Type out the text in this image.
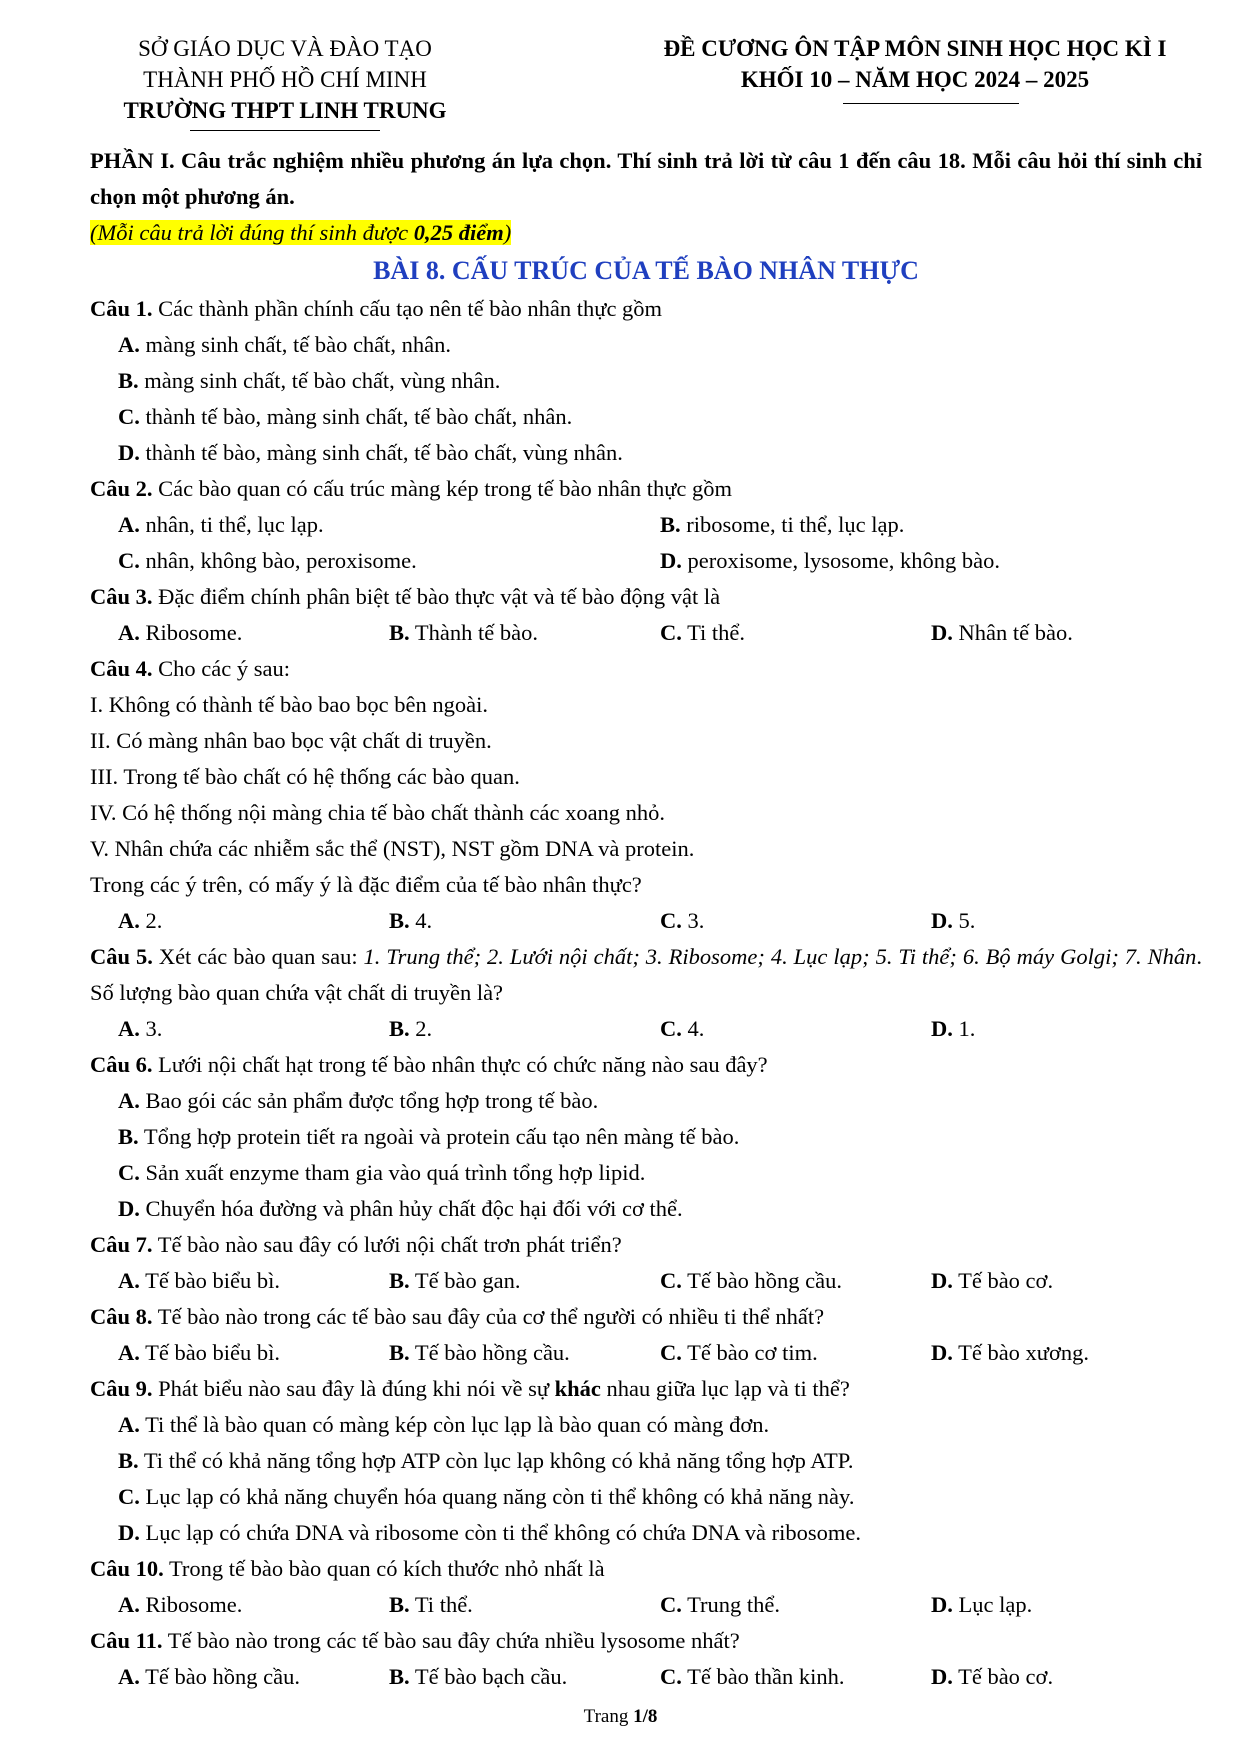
SỞ GIÁO DỤC VÀ ĐÀO TẠO
THÀNH PHỐ HỒ CHÍ MINH
TRƯỜNG THPT LINH TRUNG
ĐỀ CƯƠNG ÔN TẬP MÔN SINH HỌC HỌC KÌ I
KHỐI 10 – NĂM HỌC 2024 – 2025
PHẦN I. Câu trắc nghiệm nhiều phương án lựa chọn. Thí sinh trả lời từ câu 1 đến câu 18. Mỗi câu hỏi thí sinh chỉ chọn một phương án.
(Mỗi câu trả lời đúng thí sinh được 0,25 điểm)
BÀI 8. CẤU TRÚC CỦA TẾ BÀO NHÂN THỰC
Câu 1. Các thành phần chính cấu tạo nên tế bào nhân thực gồm
A. màng sinh chất, tế bào chất, nhân.
B. màng sinh chất, tế bào chất, vùng nhân.
C. thành tế bào, màng sinh chất, tế bào chất, nhân.
D. thành tế bào, màng sinh chất, tế bào chất, vùng nhân.
Câu 2. Các bào quan có cấu trúc màng kép trong tế bào nhân thực gồm
A. nhân, ti thể, lục lạp.	B. ribosome, ti thể, lục lạp.
C. nhân, không bào, peroxisome.	D. peroxisome, lysosome, không bào.
Câu 3. Đặc điểm chính phân biệt tế bào thực vật và tế bào động vật là
A. Ribosome.	B. Thành tế bào.	C. Ti thể.	D. Nhân tế bào.
Câu 4. Cho các ý sau:
I. Không có thành tế bào bao bọc bên ngoài.
II. Có màng nhân bao bọc vật chất di truyền.
III. Trong tế bào chất có hệ thống các bào quan.
IV. Có hệ thống nội màng chia tế bào chất thành các xoang nhỏ.
V. Nhân chứa các nhiễm sắc thể (NST), NST gồm DNA và protein.
Trong các ý trên, có mấy ý là đặc điểm của tế bào nhân thực?
A. 2.	B. 4.	C. 3.	D. 5.
Câu 5. Xét các bào quan sau: 1. Trung thể; 2. Lưới nội chất; 3. Ribosome; 4. Lục lạp; 5. Ti thể; 6. Bộ máy Golgi; 7. Nhân. Số lượng bào quan chứa vật chất di truyền là?
A. 3.	B. 2.	C. 4.	D. 1.
Câu 6. Lưới nội chất hạt trong tế bào nhân thực có chức năng nào sau đây?
A. Bao gói các sản phẩm được tổng hợp trong tế bào.
B. Tổng hợp protein tiết ra ngoài và protein cấu tạo nên màng tế bào.
C. Sản xuất enzyme tham gia vào quá trình tổng hợp lipid.
D. Chuyển hóa đường và phân hủy chất độc hại đối với cơ thể.
Câu 7. Tế bào nào sau đây có lưới nội chất trơn phát triển?
A. Tế bào biểu bì.	B. Tế bào gan.	C. Tế bào hồng cầu.	D. Tế bào cơ.
Câu 8. Tế bào nào trong các tế bào sau đây của cơ thể người có nhiều ti thể nhất?
A. Tế bào biểu bì.	B. Tế bào hồng cầu.	C. Tế bào cơ tim.	D. Tế bào xương.
Câu 9. Phát biểu nào sau đây là đúng khi nói về sự khác nhau giữa lục lạp và ti thể?
A. Ti thể là bào quan có màng kép còn lục lạp là bào quan có màng đơn.
B. Ti thể có khả năng tổng hợp ATP còn lục lạp không có khả năng tổng hợp ATP.
C. Lục lạp có khả năng chuyển hóa quang năng còn ti thể không có khả năng này.
D. Lục lạp có chứa DNA và ribosome còn ti thể không có chứa DNA và ribosome.
Câu 10. Trong tế bào bào quan có kích thước nhỏ nhất là
A. Ribosome.	B. Ti thể.	C. Trung thể.	D. Lục lạp.
Câu 11. Tế bào nào trong các tế bào sau đây chứa nhiều lysosome nhất?
A. Tế bào hồng cầu.	B. Tế bào bạch cầu.	C. Tế bào thần kinh.	D. Tế bào cơ.
Trang 1/8
